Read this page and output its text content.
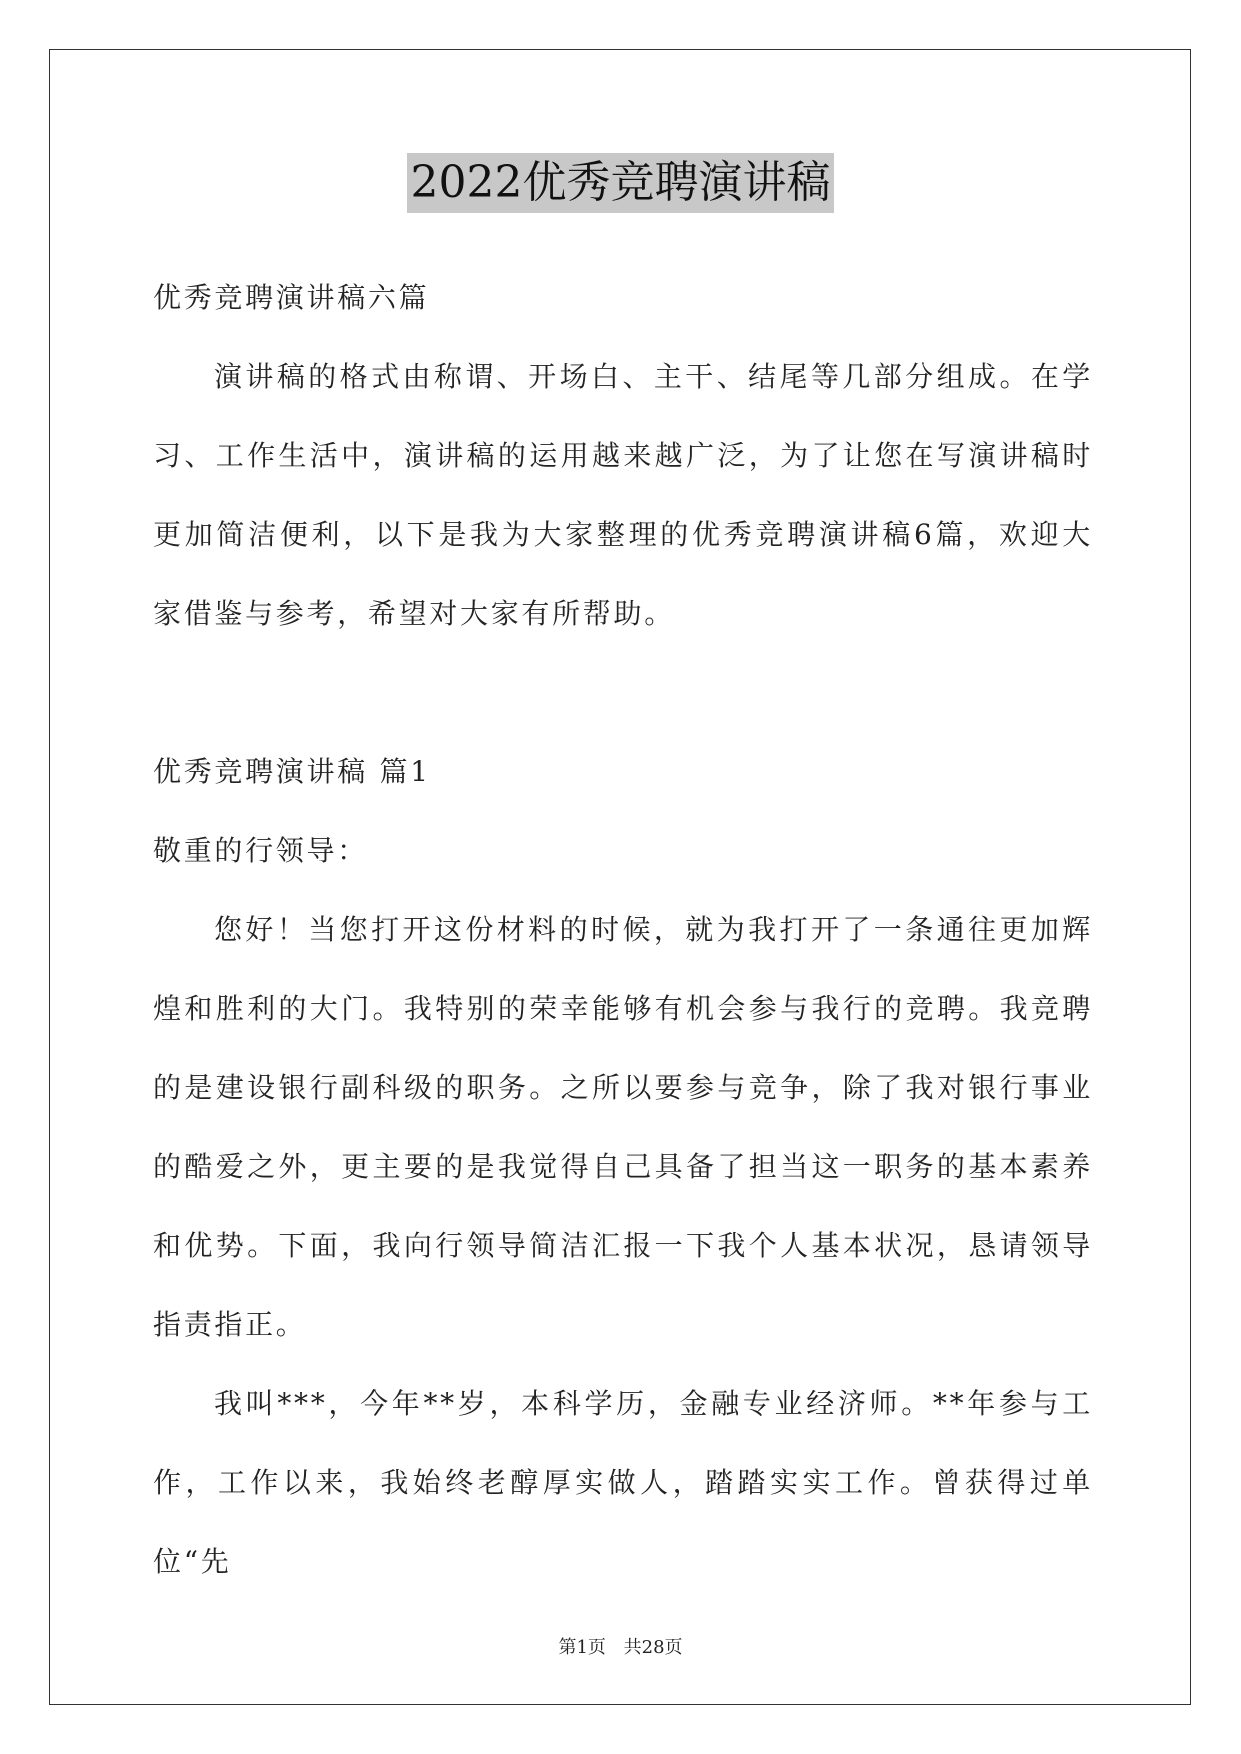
2022优秀竞聘演讲稿

优秀竞聘演讲稿六篇

演讲稿的格式由称谓、开场白、主干、结尾等几部分组成。在学习、工作生活中，演讲稿的运用越来越广泛，为了让您在写演讲稿时更加简洁便利，以下是我为大家整理的优秀竞聘演讲稿6篇，欢迎大家借鉴与参考，希望对大家有所帮助。

优秀竞聘演讲稿 篇1

敬重的行领导：

您好！当您打开这份材料的时候，就为我打开了一条通往更加辉煌和胜利的大门。我特别的荣幸能够有机会参与我行的竞聘。我竞聘的是建设银行副科级的职务。之所以要参与竞争，除了我对银行事业的酷爱之外，更主要的是我觉得自己具备了担当这一职务的基本素养和优势。下面，我向行领导简洁汇报一下我个人基本状况，恳请领导指责指正。

我叫***，今年**岁，本科学历，金融专业经济师。**年参与工作，工作以来，我始终老醇厚实做人，踏踏实实工作。曾获得过单位“先

第1页 共28页
